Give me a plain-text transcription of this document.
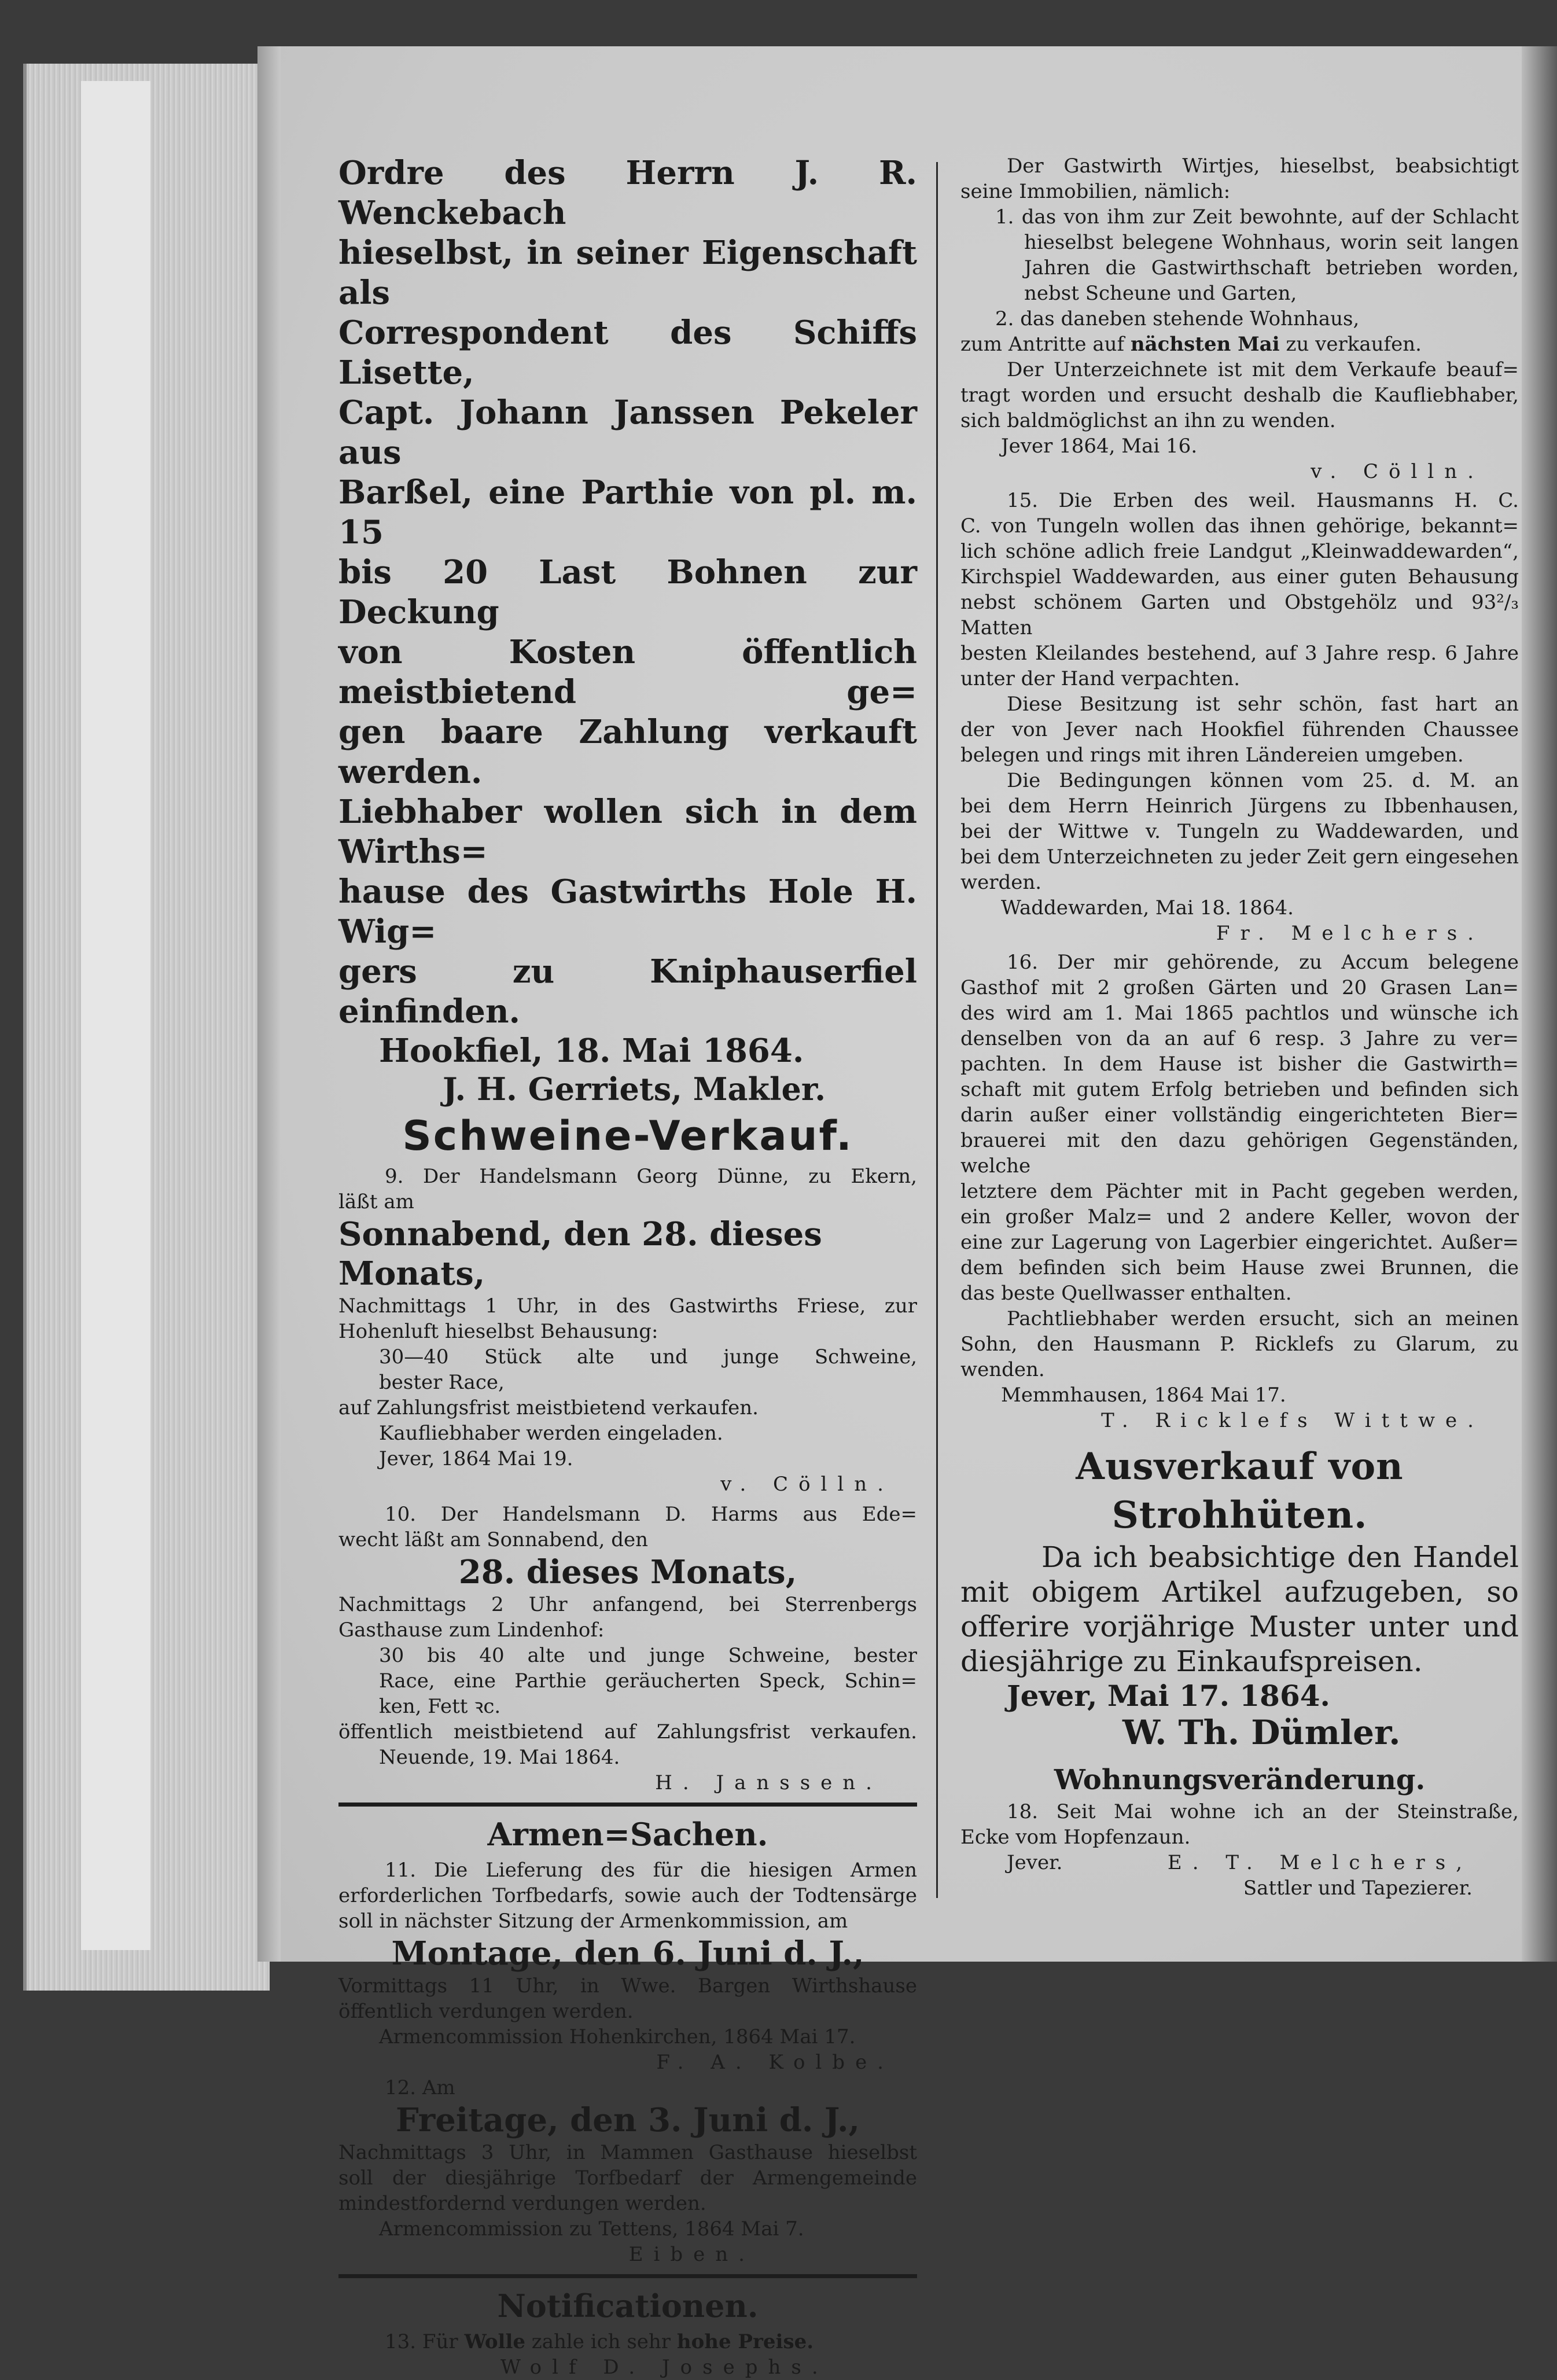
Ordre des Herrn J. R. Wenckebach

hieselbst, in seiner Eigenschaft als

Correspondent des Schiffs Lisette,

Capt. Johann Janssen Pekeler aus

Barßel, eine Parthie von pl. m. 15

bis 20 Last Bohnen zur Deckung

von Kosten öffentlich meistbietend ge=

gen baare Zahlung verkauft werden.

Liebhaber wollen sich in dem Wirths=

hause des Gastwirths Hole H. Wig=

gers zu Kniphauserfiel einfinden.

Hookfiel, 18. Mai 1864.

J. H. Gerriets, Makler.

Schweine-Verkauf.

9. Der Handelsmann Georg Dünne, zu Ekern,

läßt am

Sonnabend, den 28. dieses Monats,

Nachmittags 1 Uhr, in des Gastwirths Friese, zur

Hohenluft hieselbst Behausung:

30—40 Stück alte und junge Schweine,

bester Race,

auf Zahlungsfrist meistbietend verkaufen.

Kaufliebhaber werden eingeladen.

Jever, 1864 Mai 19.

v. Cölln.

10. Der Handelsmann D. Harms aus Ede=

wecht läßt am Sonnabend, den

28. dieses Monats,

Nachmittags 2 Uhr anfangend, bei Sterrenbergs

Gasthause zum Lindenhof:

30 bis 40 alte und junge Schweine, bester

Race, eine Parthie geräucherten Speck, Schin=

ken, Fett ꝛc.

öffentlich meistbietend auf Zahlungsfrist verkaufen.

Neuende, 19. Mai 1864.

H. Janssen.

Armen=Sachen.

11. Die Lieferung des für die hiesigen Armen

erforderlichen Torfbedarfs, sowie auch der Todtensärge

soll in nächster Sitzung der Armenkommission, am

Montage, den 6. Juni d. J.,

Vormittags 11 Uhr, in Wwe. Bargen Wirthshause

öffentlich verdungen werden.

Armencommission Hohenkirchen, 1864 Mai 17.

F. A. Kolbe.

12. Am

Freitage, den 3. Juni d. J.,

Nachmittags 3 Uhr, in Mammen Gasthause hieselbst

soll der diesjährige Torfbedarf der Armengemeinde

mindestfordernd verdungen werden.

Armencommission zu Tettens, 1864 Mai 7.

Eiben.

Notificationen.

13. Für Wolle zahle ich sehr hohe Preise.

Wolf D. Josephs.

Der Gastwirth Wirtjes, hieselbst, beabsichtigt

seine Immobilien, nämlich:

1. das von ihm zur Zeit bewohnte, auf der Schlacht

hieselbst belegene Wohnhaus, worin seit langen

Jahren die Gastwirthschaft betrieben worden,

nebst Scheune und Garten,

2. das daneben stehende Wohnhaus,

zum Antritte auf nächsten Mai zu verkaufen.

Der Unterzeichnete ist mit dem Verkaufe beauf=

tragt worden und ersucht deshalb die Kaufliebhaber,

sich baldmöglichst an ihn zu wenden.

Jever 1864, Mai 16.

v. Cölln.

15. Die Erben des weil. Hausmanns H. C.

C. von Tungeln wollen das ihnen gehörige, bekannt=

lich schöne adlich freie Landgut „Kleinwaddewarden“,

Kirchspiel Waddewarden, aus einer guten Behausung

nebst schönem Garten und Obstgehölz und 93²/₃ Matten

besten Kleilandes bestehend, auf 3 Jahre resp. 6 Jahre

unter der Hand verpachten.

Diese Besitzung ist sehr schön, fast hart an

der von Jever nach Hookfiel führenden Chaussee

belegen und rings mit ihren Ländereien umgeben.

Die Bedingungen können vom 25. d. M. an

bei dem Herrn Heinrich Jürgens zu Ibbenhausen,

bei der Wittwe v. Tungeln zu Waddewarden, und

bei dem Unterzeichneten zu jeder Zeit gern eingesehen

werden.

Waddewarden, Mai 18. 1864.

Fr. Melchers.

16. Der mir gehörende, zu Accum belegene

Gasthof mit 2 großen Gärten und 20 Grasen Lan=

des wird am 1. Mai 1865 pachtlos und wünsche ich

denselben von da an auf 6 resp. 3 Jahre zu ver=

pachten. In dem Hause ist bisher die Gastwirth=

schaft mit gutem Erfolg betrieben und befinden sich

darin außer einer vollständig eingerichteten Bier=

brauerei mit den dazu gehörigen Gegenständen, welche

letztere dem Pächter mit in Pacht gegeben werden,

ein großer Malz= und 2 andere Keller, wovon der

eine zur Lagerung von Lagerbier eingerichtet. Außer=

dem befinden sich beim Hause zwei Brunnen, die

das beste Quellwasser enthalten.

Pachtliebhaber werden ersucht, sich an meinen

Sohn, den Hausmann P. Ricklefs zu Glarum, zu

wenden.

Memmhausen, 1864 Mai 17.

T. Ricklefs Wittwe.

Ausverkauf von Strohhüten.

Da ich beabsichtige den Handel

mit obigem Artikel aufzugeben, so

offerire vorjährige Muster unter und

diesjährige zu Einkaufspreisen.

Jever, Mai 17. 1864.

W. Th. Dümler.

Wohnungsveränderung.

18. Seit Mai wohne ich an der Steinstraße,

Ecke vom Hopfenzaun.

Jever.	E. T. Melchers,

Sattler und Tapezierer.
